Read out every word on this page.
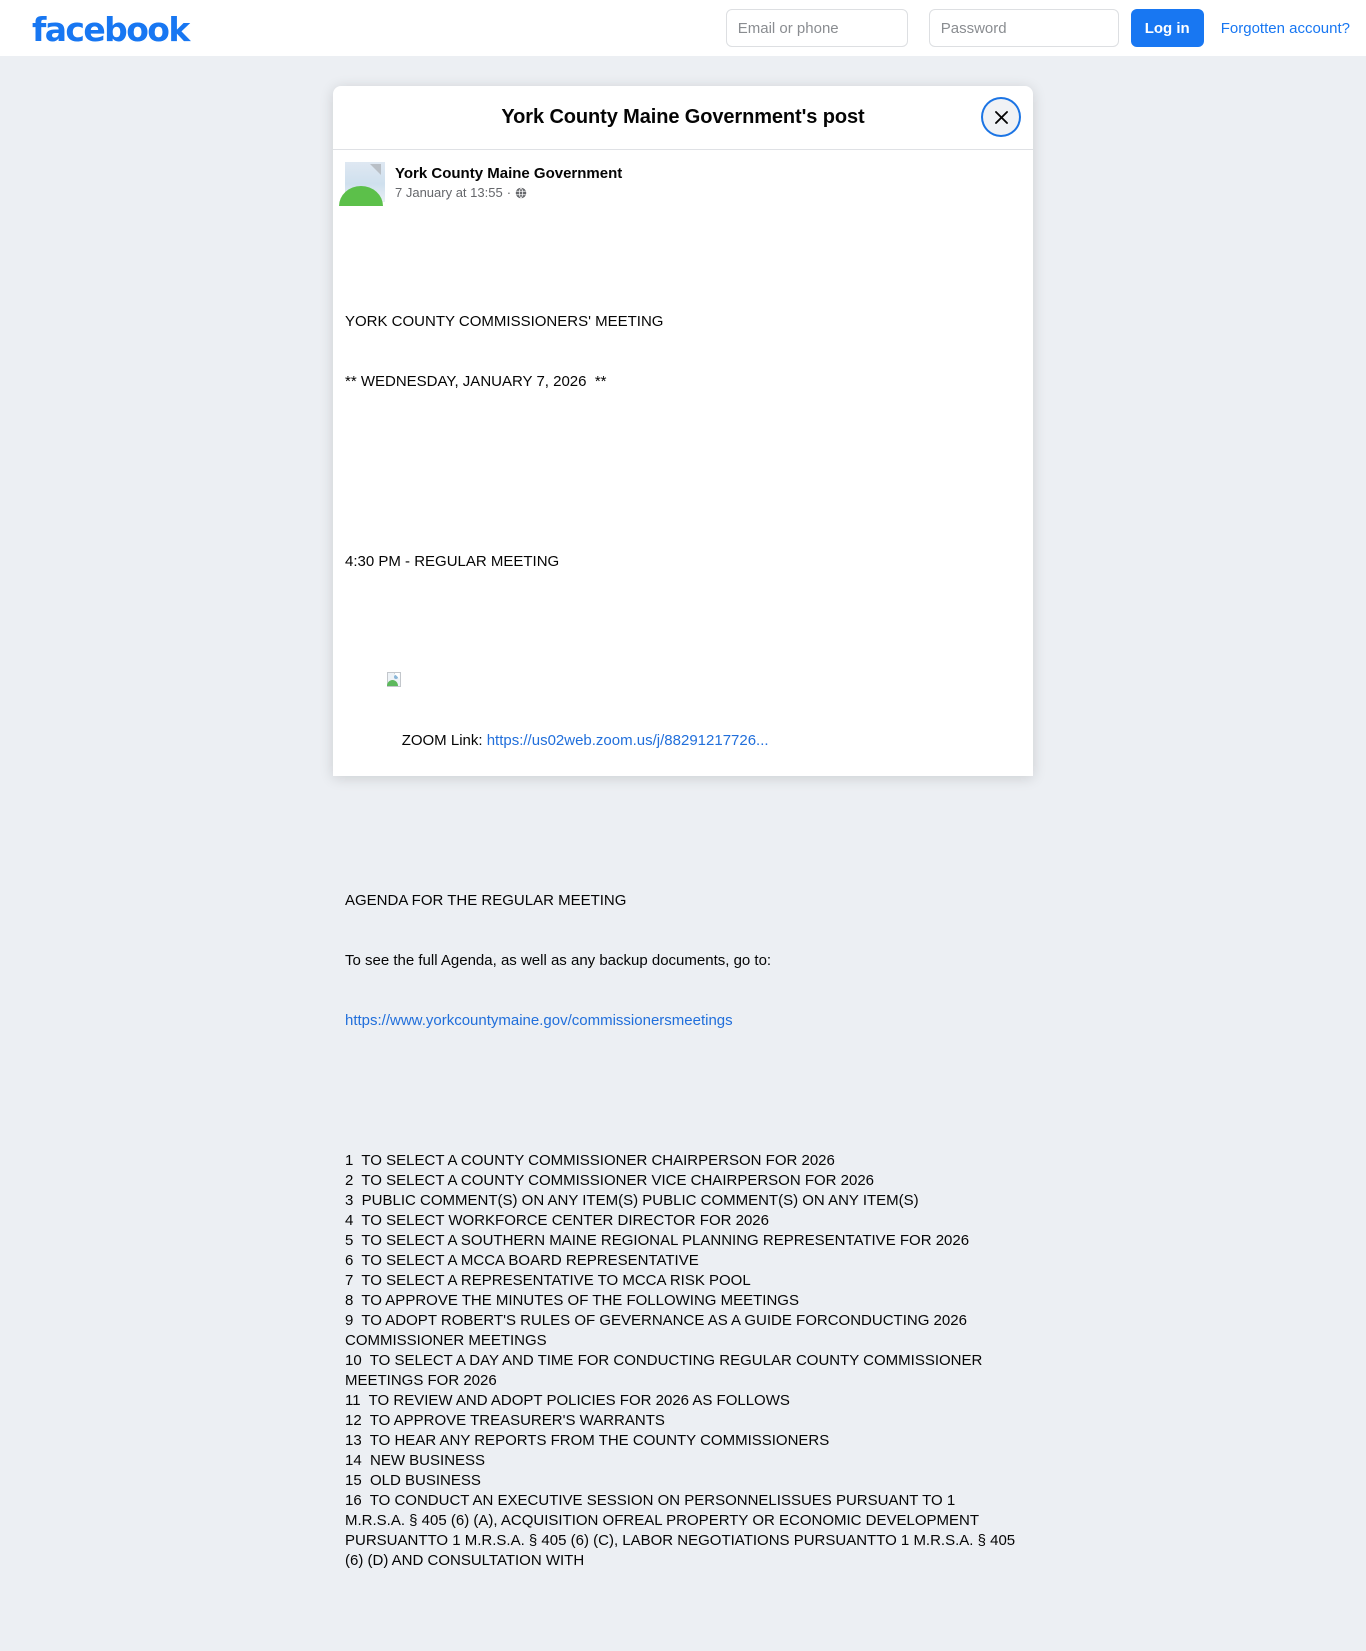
facebook
Email or phone	Log in	Forgotten account?
York County Maine Government's post
York County Maine Government
7 January at 13:55 ·

YORK COUNTY COMMISSIONERS' MEETING

** WEDNESDAY, JANUARY 7, 2026  **

4:30 PM - REGULAR MEETING

ZOOM Link: https://us02web.zoom.us/j/88291217726...

AGENDA FOR THE REGULAR MEETING

To see the full Agenda, as well as any backup documents, go to:

https://www.yorkcountymaine.gov/commissionersmeetings

1  TO SELECT A COUNTY COMMISSIONER CHAIRPERSON FOR 2026
2  TO SELECT A COUNTY COMMISSIONER VICE CHAIRPERSON FOR 2026
3  PUBLIC COMMENT(S) ON ANY ITEM(S) PUBLIC COMMENT(S) ON ANY ITEM(S)
4  TO SELECT WORKFORCE CENTER DIRECTOR FOR 2026
5  TO SELECT A SOUTHERN MAINE REGIONAL PLANNING REPRESENTATIVE FOR 2026
6  TO SELECT A MCCA BOARD REPRESENTATIVE
7  TO SELECT A REPRESENTATIVE TO MCCA RISK POOL
8  TO APPROVE THE MINUTES OF THE FOLLOWING MEETINGS
9  TO ADOPT ROBERT'S RULES OF GEVERNANCE AS A GUIDE FORCONDUCTING 2026 COMMISSIONER MEETINGS
10  TO SELECT A DAY AND TIME FOR CONDUCTING REGULAR COUNTY COMMISSIONER MEETINGS FOR 2026
11  TO REVIEW AND ADOPT POLICIES FOR 2026 AS FOLLOWS
12  TO APPROVE TREASURER'S WARRANTS
13  TO HEAR ANY REPORTS FROM THE COUNTY COMMISSIONERS
14  NEW BUSINESS
15  OLD BUSINESS
16  TO CONDUCT AN EXECUTIVE SESSION ON PERSONNELISSUES PURSUANT TO 1 M.R.S.A. § 405 (6) (A), ACQUISITION OFREAL PROPERTY OR ECONOMIC DEVELOPMENT PURSUANTTO 1 M.R.S.A. § 405 (6) (C), LABOR NEGOTIATIONS PURSUANTTO 1 M.R.S.A. § 405 (6) (D) AND CONSULTATION WITH
